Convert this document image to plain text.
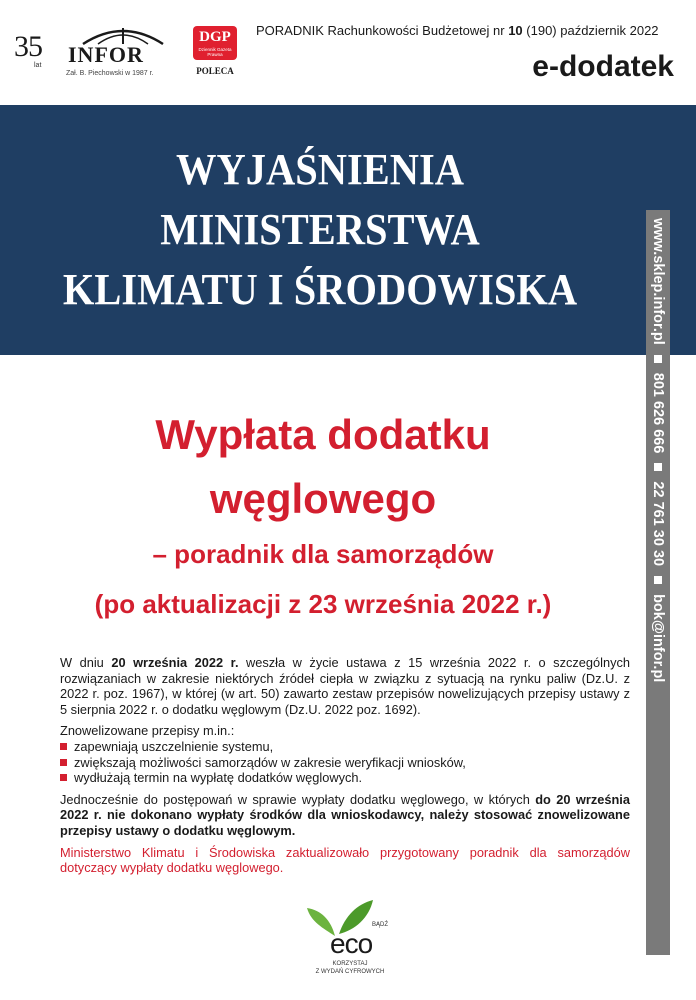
35
lat INFOR
Zał. B. Piechowski w 1987 r.
DGP
Dziennik Gazeta Prawna
POLECA
PORADNIK Rachunkowości Budżetowej nr 10 (190) październik 2022
e-dodatek
WYJAŚNIENIA
MINISTERSTWA
KLIMATU I ŚRODOWISKA	www.sklep.infor.pl801 626 66622 761 30 30bok@infor.pl
Wypłata dodatku
węglowego
– poradnik dla samorządów
(po aktualizacji z 23 września 2022 r.)

W dniu 20 września 2022 r. weszła w życie ustawa z 15 września 2022 r. o szczególnych rozwiązaniach w zakresie niektórych źródeł ciepła w związku z sytuacją na rynku paliw (Dz.U. z 2022 r. poz. 1967), w której (w art. 50) zawarto zestaw przepisów nowelizujących przepisy ustawy z 5 sierpnia 2022 r. o dodatku węglowym (Dz.U. 2022 poz. 1692).

Znowelizowane przepisy m.in.:
zapewniają uszczelnienie systemu,
zwiększają możliwości samorządów w zakresie weryfikacji wniosków,
wydłużają termin na wypłatę dodatków węglowych.

Jednocześnie do postępowań w sprawie wypłaty dodatku węglowego, w których do 20 września 2022 r. nie dokonano wypłaty środków dla wnioskodawcy, należy stosować znowelizowane przepisy ustawy o dodatku węglowym.

Ministerstwo Klimatu i Środowiska zaktualizowało przygotowany poradnik dla samorządów dotyczący wypłaty dodatku węglowego.

BĄDŹ
eco
KORZYSTAJ
Z WYDAŃ CYFROWYCH
